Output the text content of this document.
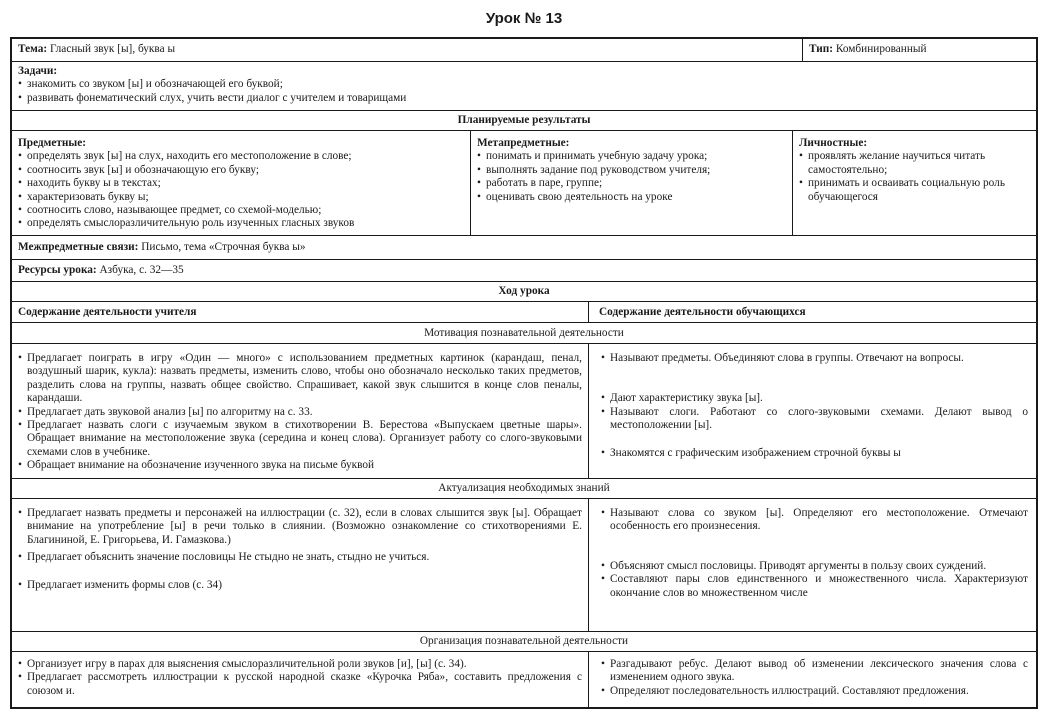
Урок № 13
Тема: Гласный звук [ы], буква ы	Тип: Комбинированный
Задачи:
• знакомить со звуком [ы] и обозначающей его буквой;
• развивать фонематический слух, учить вести диалог с учителем и товарищами
Планируемые результаты
Предметные:
• определять звук [ы] на слух, находить его местоположение в слове;
• соотносить звук [ы] и обозначающую его букву;
• находить букву ы в текстах;
• характеризовать букву ы;
• соотносить слово, называющее предмет, со схемой-моделью;
• определять смыслоразличительную роль изученных гласных звуков
Метапредметные:
• понимать и принимать учебную задачу урока;
• выполнять задание под руководством учителя;
• работать в паре, группе;
• оценивать свою деятельность на уроке
Личностные:
• проявлять желание научиться читать самостоятельно;
• принимать и осваивать социальную роль обучающегося
Межпредметные связи: Письмо, тема «Строчная буква ы»
Ресурсы урока: Азбука, с. 32—35
Ход урока
Содержание деятельности учителя	Содержание деятельности обучающихся
Мотивация познавательной деятельности
• Предлагает поиграть в игру «Один — много» с использованием предметных картинок (карандаш, пенал, воздушный шарик, кукла): назвать предметы, изменить слово, чтобы оно обозначало несколько таких предметов, разделить слова на группы, назвать общее свойство. Спрашивает, какой звук слышится в конце слов пеналы, карандаши.
• Предлагает дать звуковой анализ [ы] по алгоритму на с. 33.
• Предлагает назвать слоги с изучаемым звуком в стихотворении В. Берестова «Выпускаем цветные шары». Обращает внимание на местоположение звука (середина и конец слова). Организует работу со слого-звуковыми схемами слов в учебнике.
• Обращает внимание на обозначение изученного звука на письме буквой
• Называют предметы. Объединяют слова в группы. Отвечают на вопросы.
• Дают характеристику звука [ы].
• Называют слоги. Работают со слого-звуковыми схемами. Делают вывод о местоположении [ы].
• Знакомятся с графическим изображением строчной буквы ы
Актуализация необходимых знаний
• Предлагает назвать предметы и персонажей на иллюстрации (с. 32), если в словах слышится звук [ы]. Обращает внимание на употребление [ы] в речи только в слиянии. (Возможно ознакомление со стихотворениями Е. Благининой, Е. Григорьева, И. Гамазкова.)
• Предлагает объяснить значение пословицы Не стыдно не знать, стыдно не учиться.
• Предлагает изменить формы слов (с. 34)
• Называют слова со звуком [ы]. Определяют его местоположение. Отмечают особенность его произнесения.
• Объясняют смысл пословицы. Приводят аргументы в пользу своих суждений.
• Составляют пары слов единственного и множественного числа. Характеризуют окончание слов во множественном числе
Организация познавательной деятельности
• Организует игру в парах для выяснения смыслоразличительной роли звуков [и], [ы] (с. 34).
• Предлагает рассмотреть иллюстрации к русской народной сказке «Курочка Ряба», составить предложения с союзом и.
• Разгадывают ребус. Делают вывод об изменении лексического значения слова с изменением одного звука.
• Определяют последовательность иллюстраций. Составляют предложения.
